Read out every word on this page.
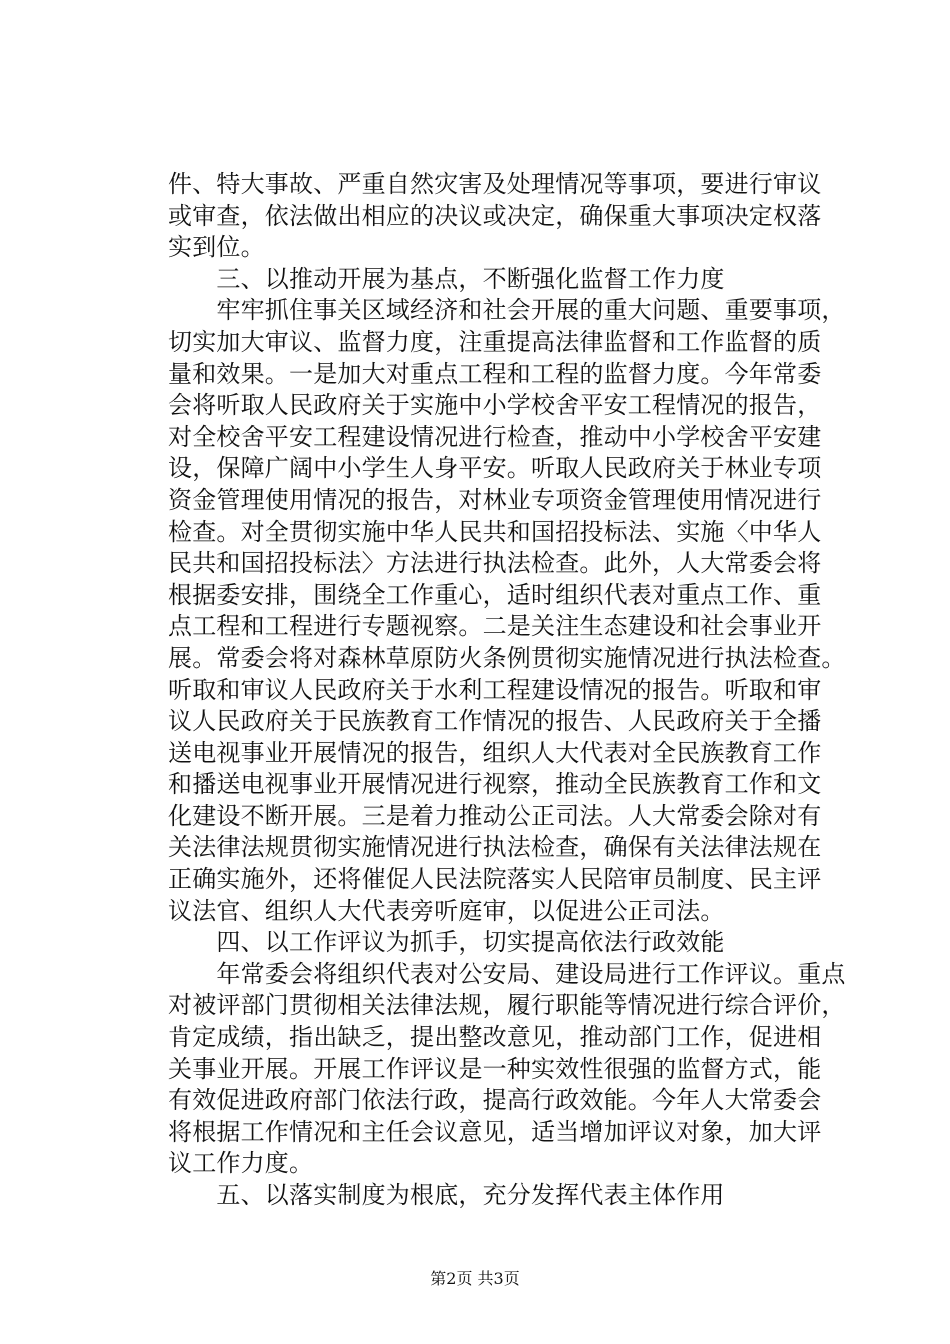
件、特大事故、严重自然灾害及处理情况等事项，要进行审议
或审查，依法做出相应的决议或决定，确保重大事项决定权落
实到位。
　　三、以推动开展为基点，不断强化监督工作力度
　　牢牢抓住事关区域经济和社会开展的重大问题、重要事项，
切实加大审议、监督力度，注重提高法律监督和工作监督的质
量和效果。一是加大对重点工程和工程的监督力度。今年常委
会将听取人民政府关于实施中小学校舍平安工程情况的报告，
对全校舍平安工程建设情况进行检查，推动中小学校舍平安建
设，保障广阔中小学生人身平安。听取人民政府关于林业专项
资金管理使用情况的报告，对林业专项资金管理使用情况进行
检查。对全贯彻实施中华人民共和国招投标法、实施〈中华人
民共和国招投标法〉方法进行执法检查。此外，人大常委会将
根据委安排，围绕全工作重心，适时组织代表对重点工作、重
点工程和工程进行专题视察。二是关注生态建设和社会事业开
展。常委会将对森林草原防火条例贯彻实施情况进行执法检查。
听取和审议人民政府关于水利工程建设情况的报告。听取和审
议人民政府关于民族教育工作情况的报告、人民政府关于全播
送电视事业开展情况的报告，组织人大代表对全民族教育工作
和播送电视事业开展情况进行视察，推动全民族教育工作和文
化建设不断开展。三是着力推动公正司法。人大常委会除对有
关法律法规贯彻实施情况进行执法检查，确保有关法律法规在
正确实施外，还将催促人民法院落实人民陪审员制度、民主评
议法官、组织人大代表旁听庭审，以促进公正司法。
　　四、以工作评议为抓手，切实提高依法行政效能
　　年常委会将组织代表对公安局、建设局进行工作评议。重点
对被评部门贯彻相关法律法规，履行职能等情况进行综合评价，
肯定成绩，指出缺乏，提出整改意见，推动部门工作，促进相
关事业开展。开展工作评议是一种实效性很强的监督方式，能
有效促进政府部门依法行政，提高行政效能。今年人大常委会
将根据工作情况和主任会议意见，适当增加评议对象，加大评
议工作力度。
　　五、以落实制度为根底，充分发挥代表主体作用
第2页 共3页
